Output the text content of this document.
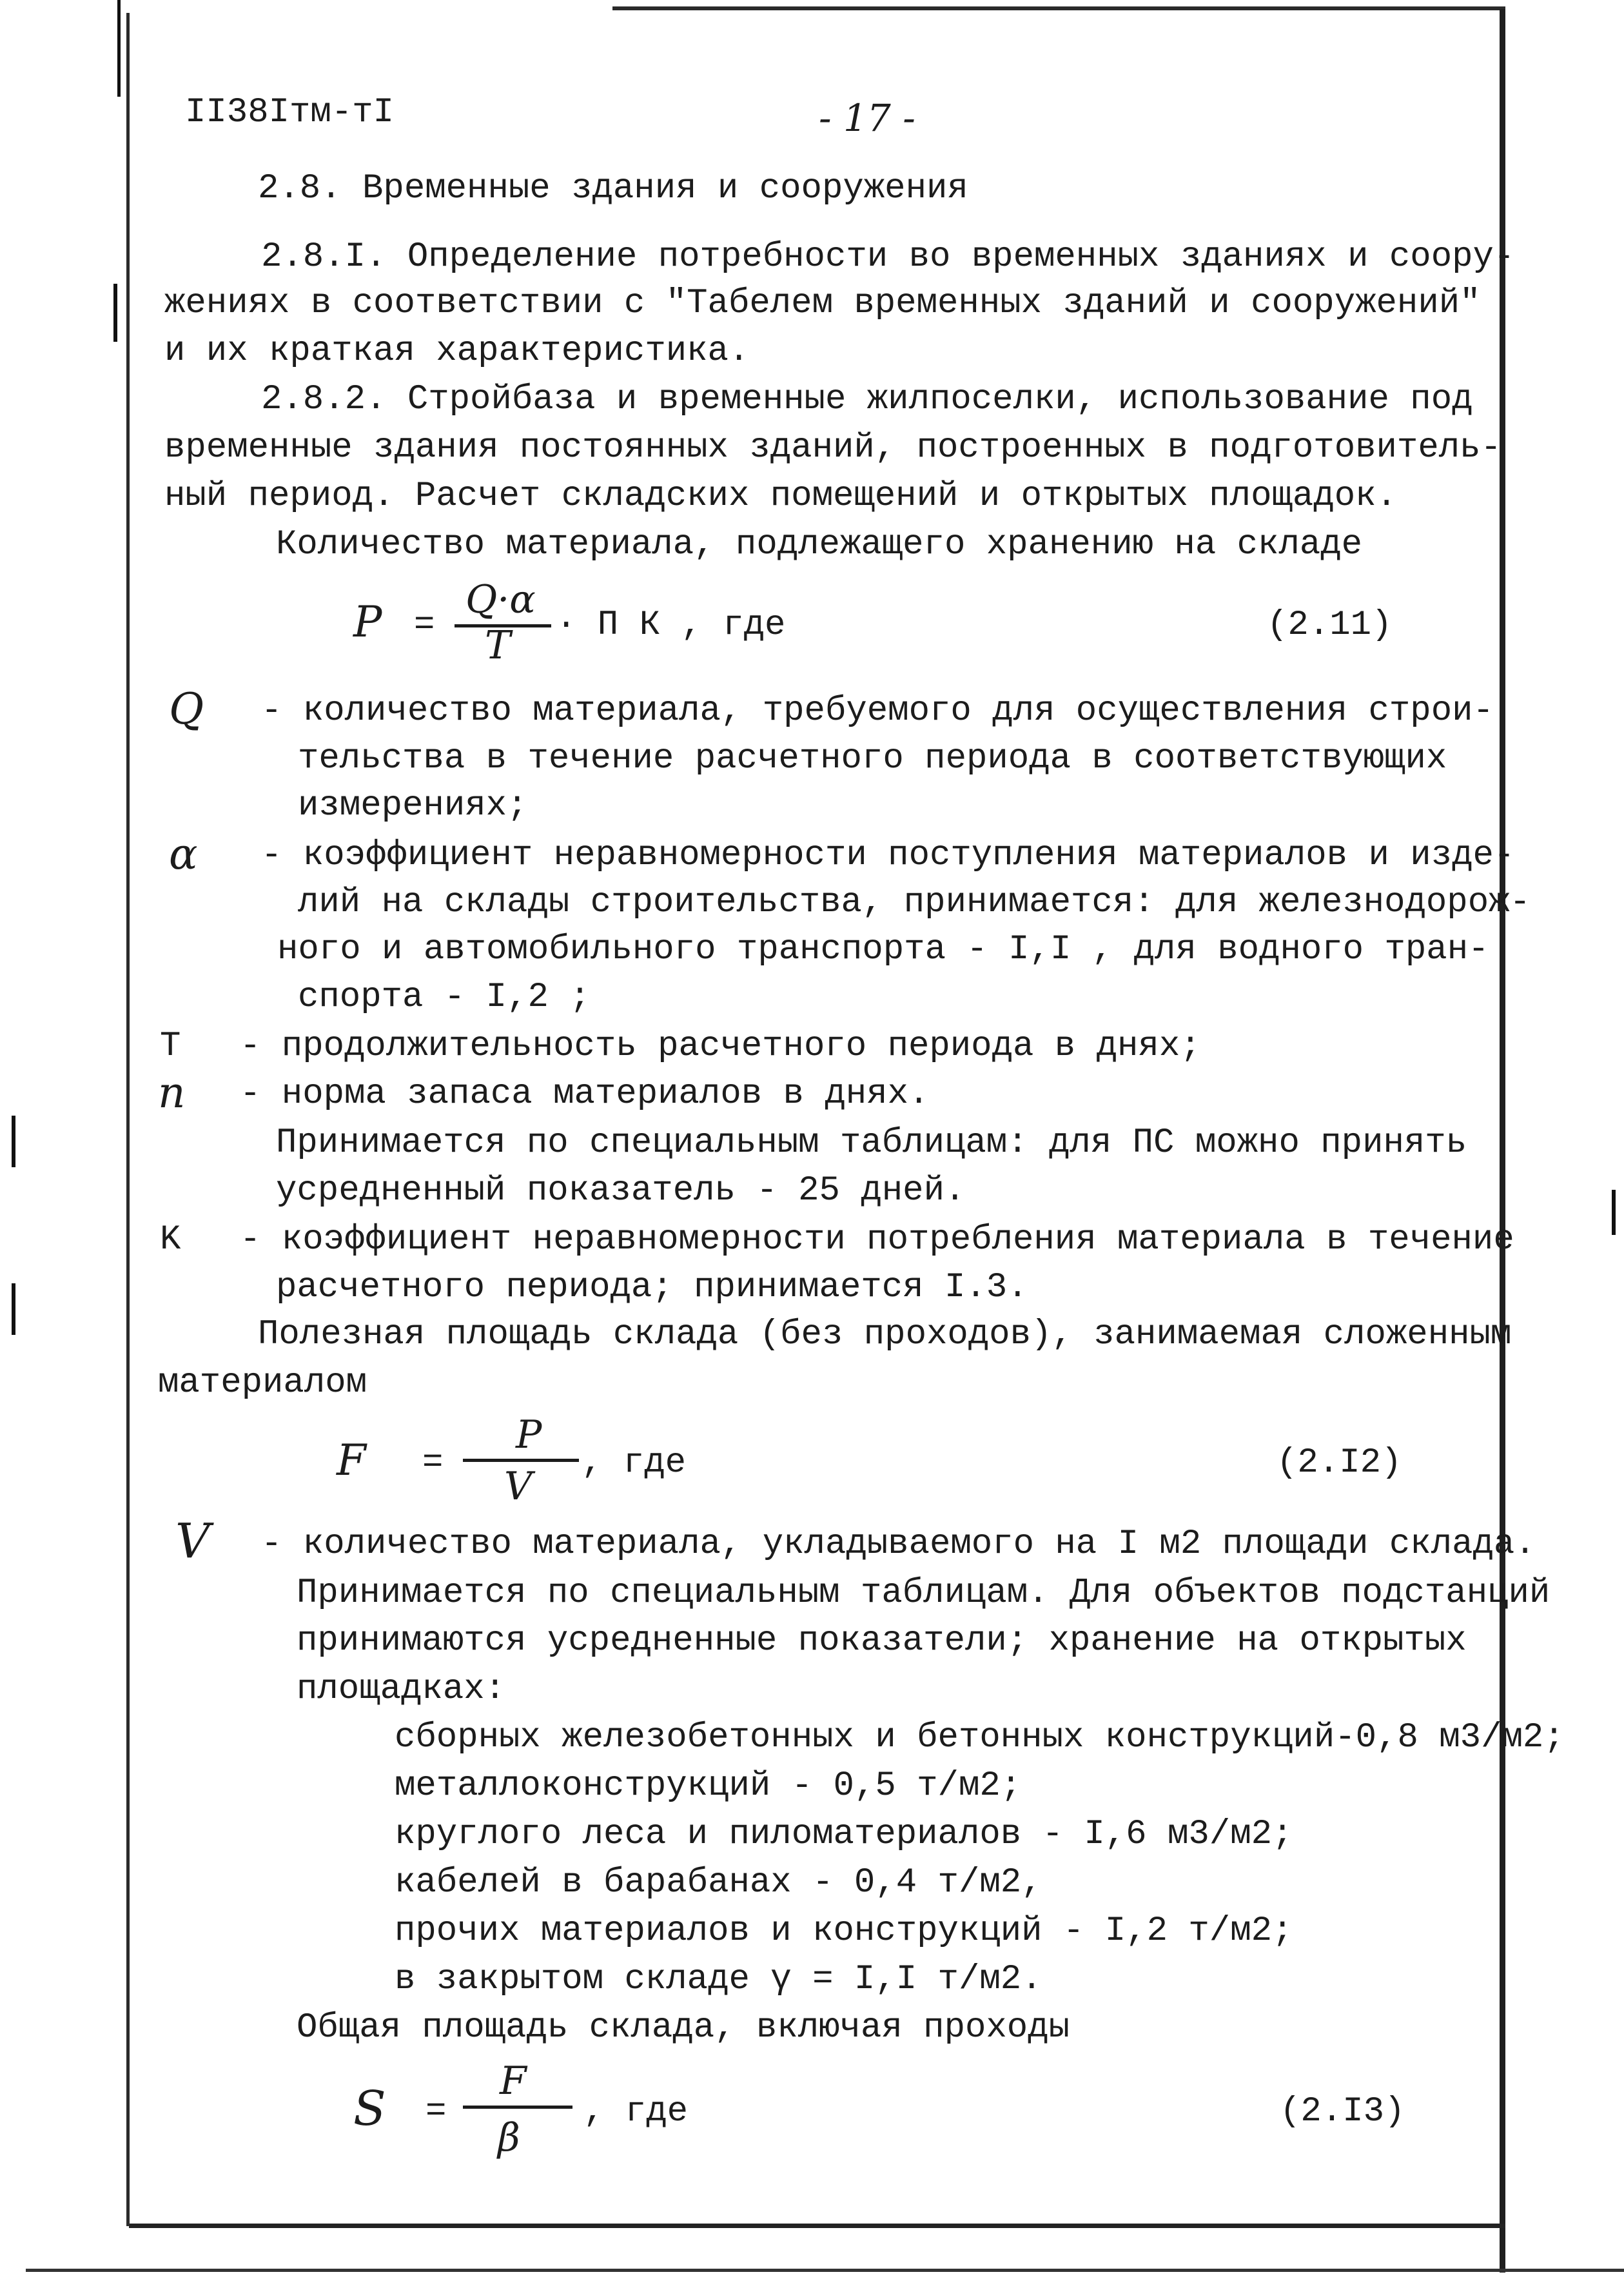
II38Iтм-тI	- 17 -
2.8. Временные здания и сооружения
2.8.I. Определение потребности во временных зданиях и соору-
жениях в соответствии с "Табелем временных зданий и сооружений"
и их краткая характеристика.
2.8.2. Стройбаза и временные жилпоселки, использование под
временные здания постоянных зданий, построенных в подготовитель-
ный период. Расчет складских помещений и открытых площадок.
Количество материала, подлежащего хранению на складе
P =
Q·α
T · П К , где	(2.11)
Q - количество материала, требуемого для осуществления строи-
тельства в течение расчетного периода в соответствующих
измерениях;
α - коэффициент неравномерности поступления материалов и изде-
лий на склады строительства, принимается: для железнодорож-
ного и автомобильного транспорта - I,I , для водного тран-
спорта - I,2 ;
T - продолжительность расчетного периода в днях;
n - норма запаса материалов в днях.
Принимается по специальным таблицам: для ПС можно принять
усредненный показатель - 25 дней.
K - коэффициент неравномерности потребления материала в течение
расчетного периода; принимается I.3.
Полезная площадь склада (без проходов), занимаемая сложенным
материалом
F =
P
V
, где	(2.I2)
V - количество материала, укладываемого на I м2 площади склада.
Принимается по специальным таблицам. Для объектов подстанций
принимаются усредненные показатели; хранение на открытых
площадках:
сборных железобетонных и бетонных конструкций-0,8 м3/м2;
металлоконструкций - 0,5 т/м2;
круглого леса и пиломатериалов - I,6 м3/м2;
кабелей в барабанах - 0,4 т/м2,
прочих материалов и конструкций - I,2 т/м2;
в закрытом складе γ = I,I т/м2.
Общая площадь склада, включая проходы
S =
F
β
, где	(2.I3)
